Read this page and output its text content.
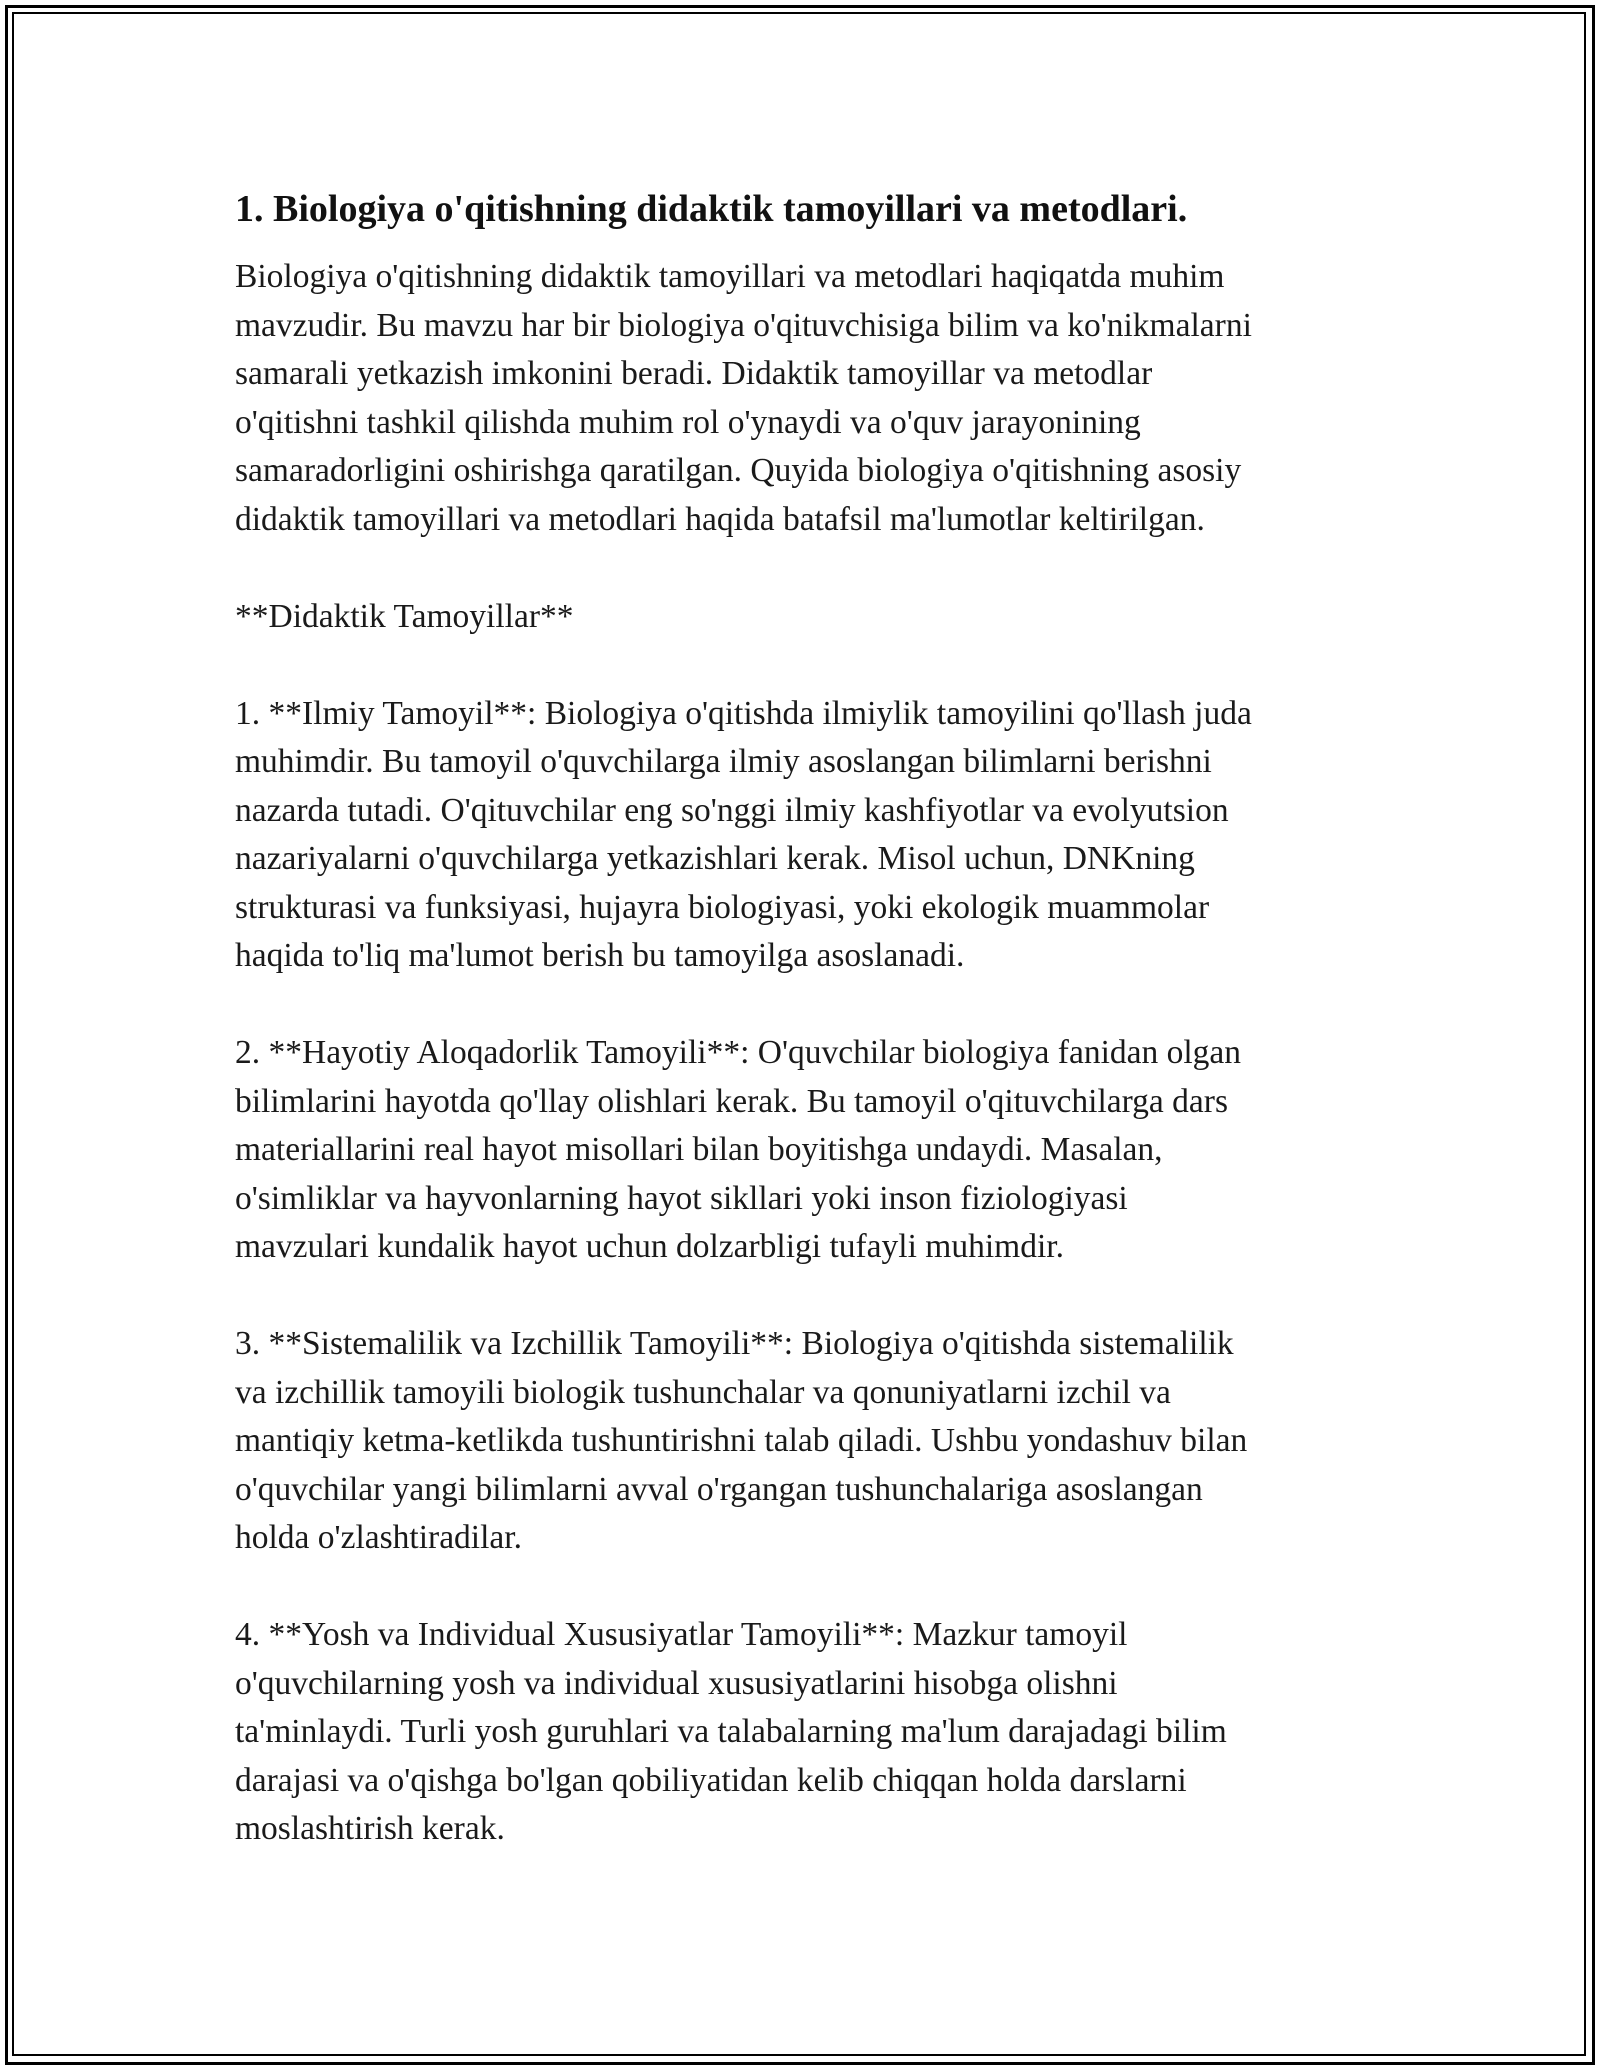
1. Biologiya o'qitishning didaktik tamoyillari va metodlari.
Biologiya o'qitishning didaktik tamoyillari va metodlari haqiqatda muhim
mavzudir. Bu mavzu har bir biologiya o'qituvchisiga bilim va ko'nikmalarni
samarali yetkazish imkonini beradi. Didaktik tamoyillar va metodlar
o'qitishni tashkil qilishda muhim rol o'ynaydi va o'quv jarayonining
samaradorligini oshirishga qaratilgan. Quyida biologiya o'qitishning asosiy
didaktik tamoyillari va metodlari haqida batafsil ma'lumotlar keltirilgan.
**Didaktik Tamoyillar**
1. **Ilmiy Tamoyil**: Biologiya o'qitishda ilmiylik tamoyilini qo'llash juda
muhimdir. Bu tamoyil o'quvchilarga ilmiy asoslangan bilimlarni berishni
nazarda tutadi. O'qituvchilar eng so'nggi ilmiy kashfiyotlar va evolyutsion
nazariyalarni o'quvchilarga yetkazishlari kerak. Misol uchun, DNKning
strukturasi va funksiyasi, hujayra biologiyasi, yoki ekologik muammolar
haqida to'liq ma'lumot berish bu tamoyilga asoslanadi.
2. **Hayotiy Aloqadorlik Tamoyili**: O'quvchilar biologiya fanidan olgan
bilimlarini hayotda qo'llay olishlari kerak. Bu tamoyil o'qituvchilarga dars
materiallarini real hayot misollari bilan boyitishga undaydi. Masalan,
o'simliklar va hayvonlarning hayot sikllari yoki inson fiziologiyasi
mavzulari kundalik hayot uchun dolzarbligi tufayli muhimdir.
3. **Sistemalilik va Izchillik Tamoyili**: Biologiya o'qitishda sistemalilik
va izchillik tamoyili biologik tushunchalar va qonuniyatlarni izchil va
mantiqiy ketma-ketlikda tushuntirishni talab qiladi. Ushbu yondashuv bilan
o'quvchilar yangi bilimlarni avval o'rgangan tushunchalariga asoslangan
holda o'zlashtiradilar.
4. **Yosh va Individual Xususiyatlar Tamoyili**: Mazkur tamoyil
o'quvchilarning yosh va individual xususiyatlarini hisobga olishni
ta'minlaydi. Turli yosh guruhlari va talabalarning ma'lum darajadagi bilim
darajasi va o'qishga bo'lgan qobiliyatidan kelib chiqqan holda darslarni
moslashtirish kerak.
